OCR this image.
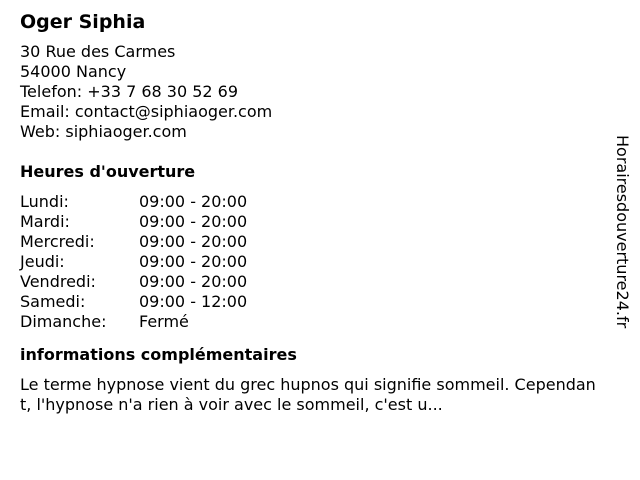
Oger Siphia
30 Rue des Carmes
54000 Nancy
Telefon: +33 7 68 30 52 69
Email: contact@siphiaoger.com
Web: siphiaoger.com
Heures d'ouverture
Lundi:	09:00 - 20:00
Mardi:	09:00 - 20:00
Mercredi:	09:00 - 20:00
Jeudi:	09:00 - 20:00
Vendredi:	09:00 - 20:00
Samedi:	09:00 - 12:00
Dimanche:	Fermé
informations complémentaires
Le terme hypnose vient du grec hupnos qui signifie sommeil. Cependant, l'hypnose n'a rien à voir avec le sommeil, c'est u...
Horairesdouverture24.fr
